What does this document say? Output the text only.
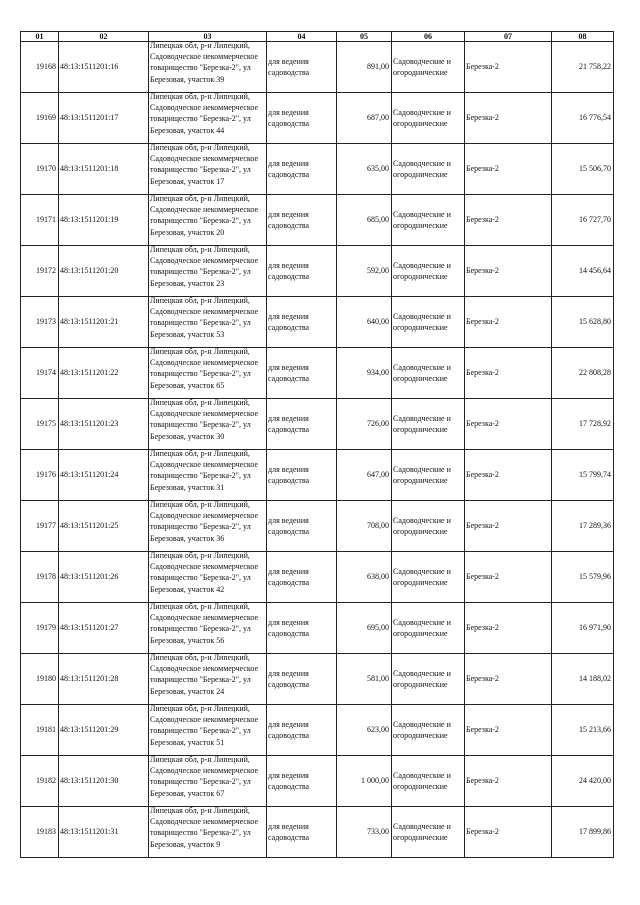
01	02	03	04	05	06	07	08
19168	48:13:1511201:16	Липецкая обл, р-н Липецкий, Садоводческое некоммерческое товарищество "Березка-2", ул Березовая, участок 39	для ведения садоводства	891,00	Садоводческие и огороднические	Березка-2	21 758,22
19169	48:13:1511201:17	Липецкая обл, р-н Липецкий, Садоводческое некоммерческое товарищество "Березка-2", ул Березовая, участок 44	для ведения садоводства	687,00	Садоводческие и огороднические	Березка-2	16 776,54
19170	48:13:1511201:18	Липецкая обл, р-н Липецкий, Садоводческое некоммерческое товарищество "Березка-2", ул Березовая, участок 17	для ведения садоводства	635,00	Садоводческие и огороднические	Березка-2	15 506,70
19171	48:13:1511201:19	Липецкая обл, р-н Липецкий, Садоводческое некоммерческое товарищество "Березка-2", ул Березовая, участок 20	для ведения садоводства	685,00	Садоводческие и огороднические	Березка-2	16 727,70
19172	48:13:1511201:20	Липецкая обл, р-н Липецкий, Садоводческое некоммерческое товарищество "Березка-2", ул Березовая, участок 23	для ведения садоводства	592,00	Садоводческие и огороднические	Березка-2	14 456,64
19173	48:13:1511201:21	Липецкая обл, р-н Липецкий, Садоводческое некоммерческое товарищество "Березка-2", ул Березовая, участок 53	для ведения садоводства	640,00	Садоводческие и огороднические	Березка-2	15 628,80
19174	48:13:1511201:22	Липецкая обл, р-н Липецкий, Садоводческое некоммерческое товарищество "Березка-2", ул Березовая, участок 65	для ведения садоводства	934,00	Садоводческие и огороднические	Березка-2	22 808,28
19175	48:13:1511201:23	Липецкая обл, р-н Липецкий, Садоводческое некоммерческое товарищество "Березка-2", ул Березовая, участок 30	для ведения садоводства	726,00	Садоводческие и огороднические	Березка-2	17 728,92
19176	48:13:1511201:24	Липецкая обл, р-н Липецкий, Садоводческое некоммерческое товарищество "Березка-2", ул Березовая, участок 31	для ведения садоводства	647,00	Садоводческие и огороднические	Березка-2	15 799,74
19177	48:13:1511201:25	Липецкая обл, р-н Липецкий, Садоводческое некоммерческое товарищество "Березка-2", ул Березовая, участок 36	для ведения садоводства	708,00	Садоводческие и огороднические	Березка-2	17 289,36
19178	48:13:1511201:26	Липецкая обл, р-н Липецкий, Садоводческое некоммерческое товарищество "Березка-2", ул Березовая, участок 42	для ведения садоводства	638,00	Садоводческие и огороднические	Березка-2	15 579,96
19179	48:13:1511201:27	Липецкая обл, р-н Липецкий, Садоводческое некоммерческое товарищество "Березка-2", ул Березовая, участок 56	для ведения садоводства	695,00	Садоводческие и огороднические	Березка-2	16 971,90
19180	48:13:1511201:28	Липецкая обл, р-н Липецкий, Садоводческое некоммерческое товарищество "Березка-2", ул Березовая, участок 24	для ведения садоводства	581,00	Садоводческие и огороднические	Березка-2	14 188,02
19181	48:13:1511201:29	Липецкая обл, р-н Липецкий, Садоводческое некоммерческое товарищество "Березка-2", ул Березовая, участок 51	для ведения садоводства	623,00	Садоводческие и огороднические	Березка-2	15 213,66
19182	48:13:1511201:30	Липецкая обл, р-н Липецкий, Садоводческое некоммерческое товарищество "Березка-2", ул Березовая, участок 67	для ведения садоводства	1 000,00	Садоводческие и огороднические	Березка-2	24 420,00
19183	48:13:1511201:31	Липецкая обл, р-н Липецкий, Садоводческое некоммерческое товарищество "Березка-2", ул Березовая, участок 9	для ведения садоводства	733,00	Садоводческие и огороднические	Березка-2	17 899,86
